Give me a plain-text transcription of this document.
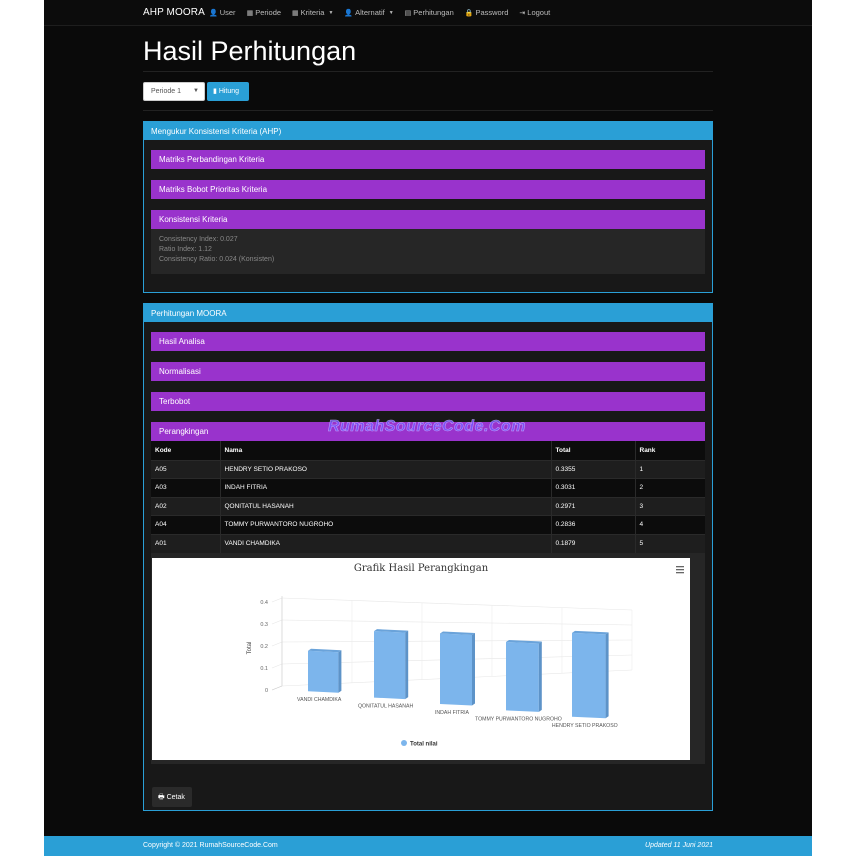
AHP MOORA 👤 User ▦ Periode ▦ Kriteria ▼ 👤 Alternatif ▼ ▤ Perhitungan 🔒 Password ⇥ Logout
Hasil Perhitungan
Periode 1 ▼	▮ Hitung
Mengukur Konsistensi Kriteria (AHP)
Matriks Perbandingan Kriteria
Matriks Bobot Prioritas Kriteria
Konsistensi Kriteria
Consistency Index: 0.027
Ratio Index: 1.12
Consistency Ratio: 0.024 (Konsisten)
Perhitungan MOORA
Hasil Analisa
Normalisasi
Terbobot
Perangkingan
Kode	Nama	Total	Rank
A05	HENDRY SETIO PRAKOSO	0.3355	1
A03	INDAH FITRIA	0.3031	2
A02	QONITATUL HASANAH	0.2971	3
A04	TOMMY PURWANTORO NUGROHO	0.2836	4
A01	VANDI CHAMDIKA	0.1879	5
Grafik Hasil Perangkingan
0
0.1
0.2
0.3
0.4
VANDI CHAMDIKA
QONITATUL HASANAH
INDAH FITRIA
TOMMY PURWANTORO NUGROHO
HENDRY SETIO PRAKOSO
Total
Total nilai
🖶 Cetak
RumahSourceCode.Com
Copyright © 2021 RumahSourceCode.Com	Updated 11 Juni 2021
